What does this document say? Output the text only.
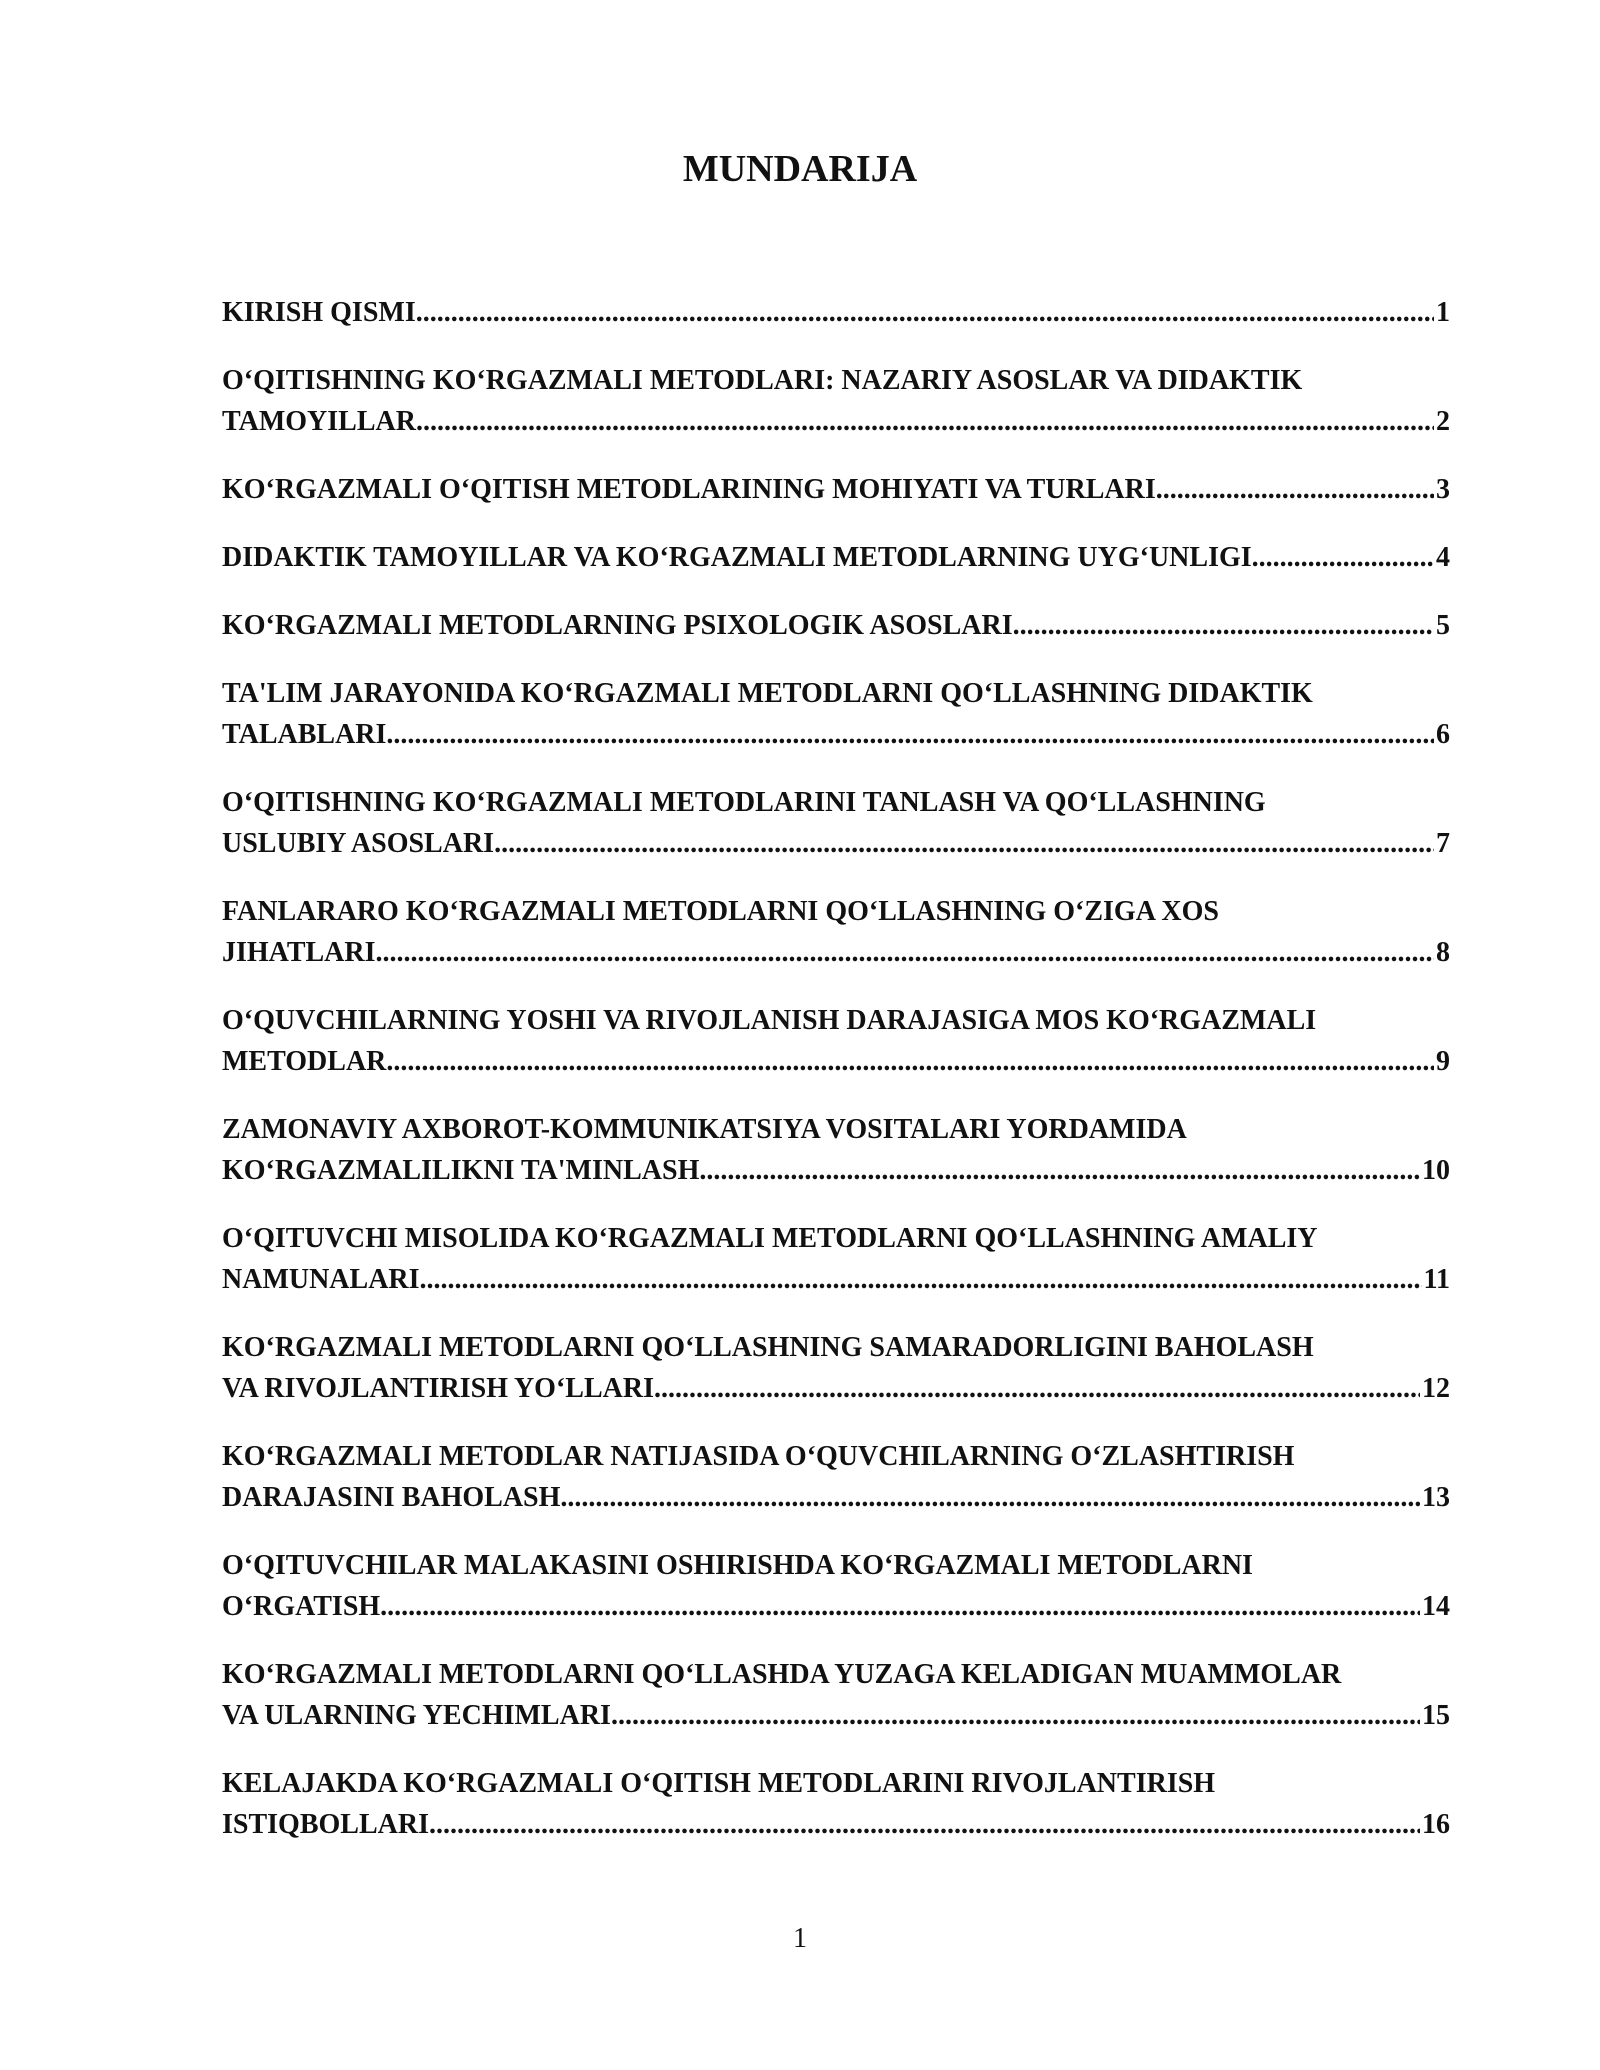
MUNDARIJA
KIRISH QISMI .....	1
O‘QITISHNING KO‘RGAZMALI METODLARI: NAZARIY ASOSLAR VA DIDAKTIK
TAMOYILLAR .....	2
KO‘RGAZMALI O‘QITISH METODLARINING MOHIYATI VA TURLARI .....	3
DIDAKTIK TAMOYILLAR VA KO‘RGAZMALI METODLARNING UYG‘UNLIGI .....	4
KO‘RGAZMALI METODLARNING PSIXOLOGIK ASOSLARI .....	5
TA'LIM JARAYONIDA KO‘RGAZMALI METODLARNI QO‘LLASHNING DIDAKTIK
TALABLARI .....	6
O‘QITISHNING KO‘RGAZMALI METODLARINI TANLASH VA QO‘LLASHNING
USLUBIY ASOSLARI .....	7
FANLARARO KO‘RGAZMALI METODLARNI QO‘LLASHNING O‘ZIGA XOS
JIHATLARI .....	8
O‘QUVCHILARNING YOSHI VA RIVOJLANISH DARAJASIGA MOS KO‘RGAZMALI
METODLAR .....	9
ZAMONAVIY AXBOROT-KOMMUNIKATSIYA VOSITALARI YORDAMIDA
KO‘RGAZMALILIKNI TA'MINLASH .....	10
O‘QITUVCHI MISOLIDA KO‘RGAZMALI METODLARNI QO‘LLASHNING AMALIY
NAMUNALARI .....	11
KO‘RGAZMALI METODLARNI QO‘LLASHNING SAMARADORLIGINI BAHOLASH
VA RIVOJLANTIRISH YO‘LLARI .....	12
KO‘RGAZMALI METODLAR NATIJASIDA O‘QUVCHILARNING O‘ZLASHTIRISH
DARAJASINI BAHOLASH .....	13
O‘QITUVCHILAR MALAKASINI OSHIRISHDA KO‘RGAZMALI METODLARNI
O‘RGATISH .....	14
KO‘RGAZMALI METODLARNI QO‘LLASHDA YUZAGA KELADIGAN MUAMMOLAR
VA ULARNING YECHIMLARI .....	15
KELAJAKDA KO‘RGAZMALI O‘QITISH METODLARINI RIVOJLANTIRISH
ISTIQBOLLARI .....	16
1
